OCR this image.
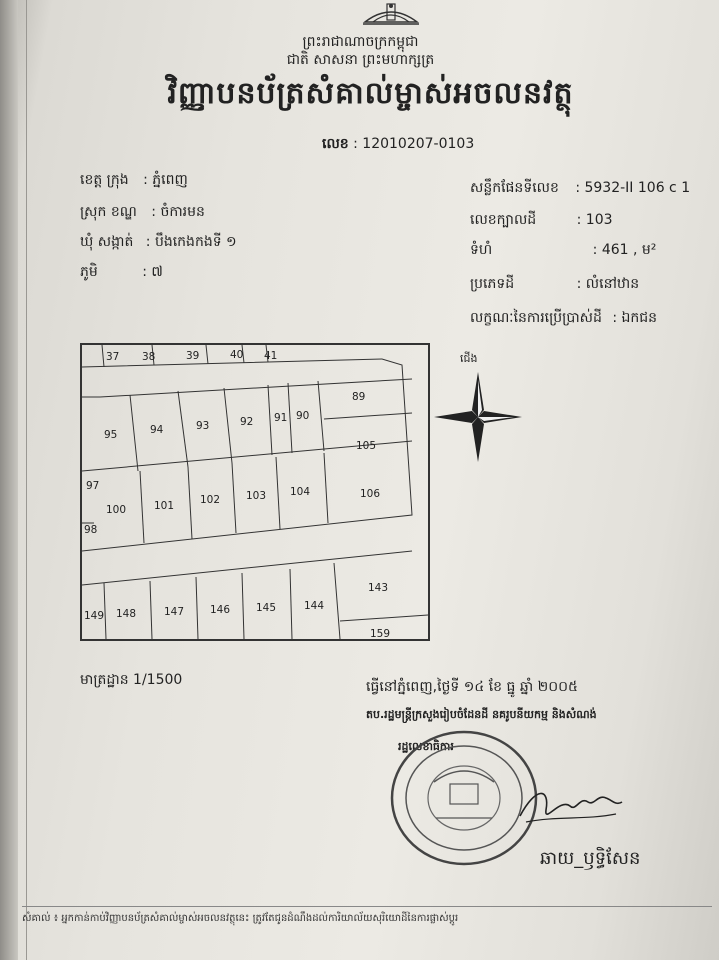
ព្រះរាជាណាចក្រកម្ពុជា
ជាតិ សាសនា ព្រះមហាក្សត្រ
វិញ្ញាបនប័ត្រសំគាល់ម្ចាស់អចលនវត្ថុ
លេខ : 12010207-0103
ខេត្ត ក្រុង : ភ្នំពេញ
ស្រុក ខណ្ឌ : ចំការមន
ឃុំ សង្កាត់ : បឹងកេងកងទី ១
ភូមិ	: ៧
សន្លឹកផែនទីលេខ : 5932-II 106 c 1
លេខក្បាលដី	: 103
ទំហំ	: 461 , ម²
ប្រភេទដី	: លំនៅឋាន
លក្ខណៈនៃការប្រើប្រាស់ដី : ឯកជន
37 38	39	40 41
89
95	94	93	92 91 90
105
97
100	101 102 103 104	106
98
149 148	147 146 145	144
143
159
ជើង
មាត្រដ្ឋាន 1/1500	ធ្វើនៅភ្នំពេញ,ថ្ងៃទី ១៤ ខែ ធ្នូ ឆ្នាំ ២០០៥
តប.រដ្ឋមន្ត្រីក្រសួងរៀបចំដែនដី នគរូបនីយកម្ម និងសំណង់
រដ្ឋលេខាធិការ
ឆាយ_ឫទ្ធិសែន
សំគាល់ ៖ អ្នកកាន់កាប់វិញ្ញាបនប័ត្រសំគាល់ម្ចាស់អចលនវត្ថុនេះ ត្រូវតែជូនដំណឹងដល់ការិយាល័យសុរិយោដីនៃការផ្លាស់ប្តូរ
